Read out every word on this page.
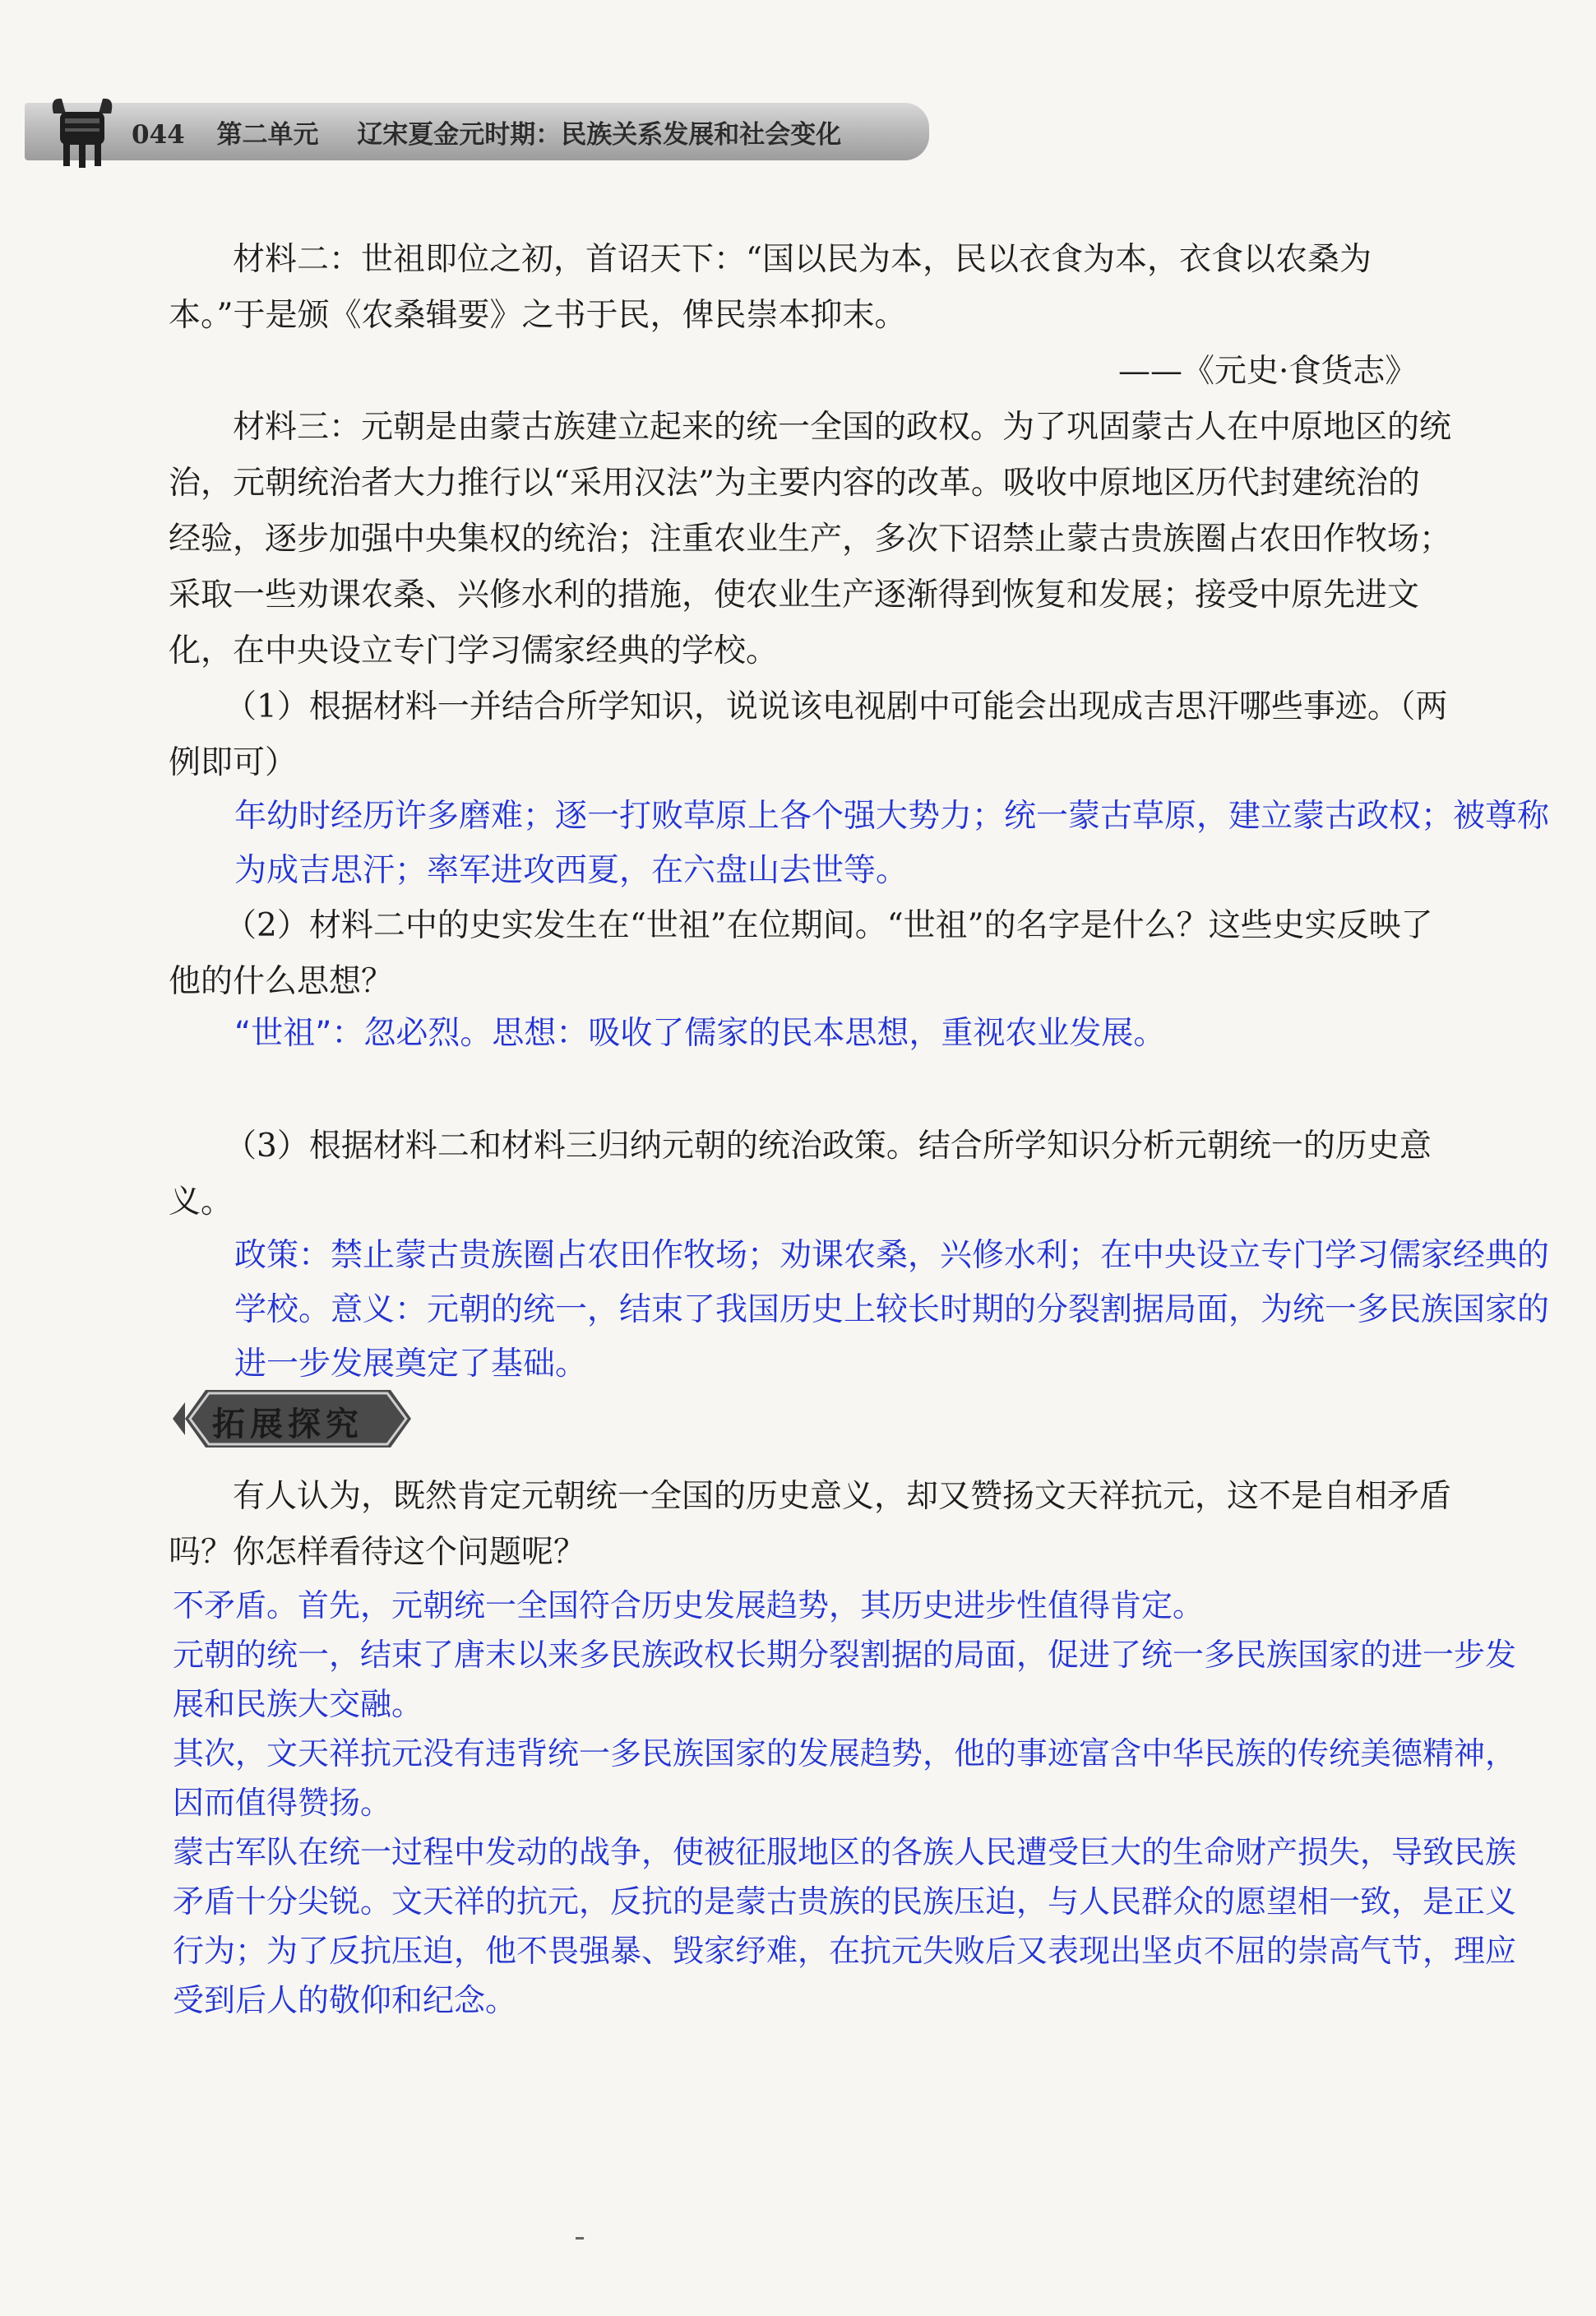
044 第二单元 辽宋夏金元时期：民族关系发展和社会变化

材料二：世祖即位之初，首诏天下：“国以民为本，民以衣食为本，衣食以农桑为本。”于是颁《农桑辑要》之书于民，俾民崇本抑末。

——《元史·食货志》

材料三：元朝是由蒙古族建立起来的统一全国的政权。为了巩固蒙古人在中原地区的统治，元朝统治者大力推行以“采用汉法”为主要内容的改革。吸收中原地区历代封建统治的经验，逐步加强中央集权的统治；注重农业生产，多次下诏禁止蒙古贵族圈占农田作牧场；采取一些劝课农桑、兴修水利的措施，使农业生产逐渐得到恢复和发展；接受中原先进文化，在中央设立专门学习儒家经典的学校。

（1）根据材料一并结合所学知识，说说该电视剧中可能会出现成吉思汗哪些事迹。（两例即可）

年幼时经历许多磨难；逐一打败草原上各个强大势力；统一蒙古草原，建立蒙古政权；被尊称为成吉思汗；率军进攻西夏，在六盘山去世等。

（2）材料二中的史实发生在“世祖”在位期间。“世祖”的名字是什么？这些史实反映了他的什么思想？

“世祖”：忽必烈。思想：吸收了儒家的民本思想，重视农业发展。

（3）根据材料二和材料三归纳元朝的统治政策。结合所学知识分析元朝统一的历史意义。

政策：禁止蒙古贵族圈占农田作牧场；劝课农桑，兴修水利；在中央设立专门学习儒家经典的学校。意义：元朝的统一，结束了我国历史上较长时期的分裂割据局面，为统一多民族国家的进一步发展奠定了基础。

拓展探究

有人认为，既然肯定元朝统一全国的历史意义，却又赞扬文天祥抗元，这不是自相矛盾吗？你怎样看待这个问题呢？

不矛盾。首先，元朝统一全国符合历史发展趋势，其历史进步性值得肯定。

元朝的统一，结束了唐末以来多民族政权长期分裂割据的局面，促进了统一多民族国家的进一步发展和民族大交融。

其次，文天祥抗元没有违背统一多民族国家的发展趋势，他的事迹富含中华民族的传统美德精神，因而值得赞扬。

蒙古军队在统一过程中发动的战争，使被征服地区的各族人民遭受巨大的生命财产损失，导致民族矛盾十分尖锐。文天祥的抗元，反抗的是蒙古贵族的民族压迫，与人民群众的愿望相一致，是正义行为；为了反抗压迫，他不畏强暴、毁家纾难，在抗元失败后又表现出坚贞不屈的崇高气节，理应受到后人的敬仰和纪念。
